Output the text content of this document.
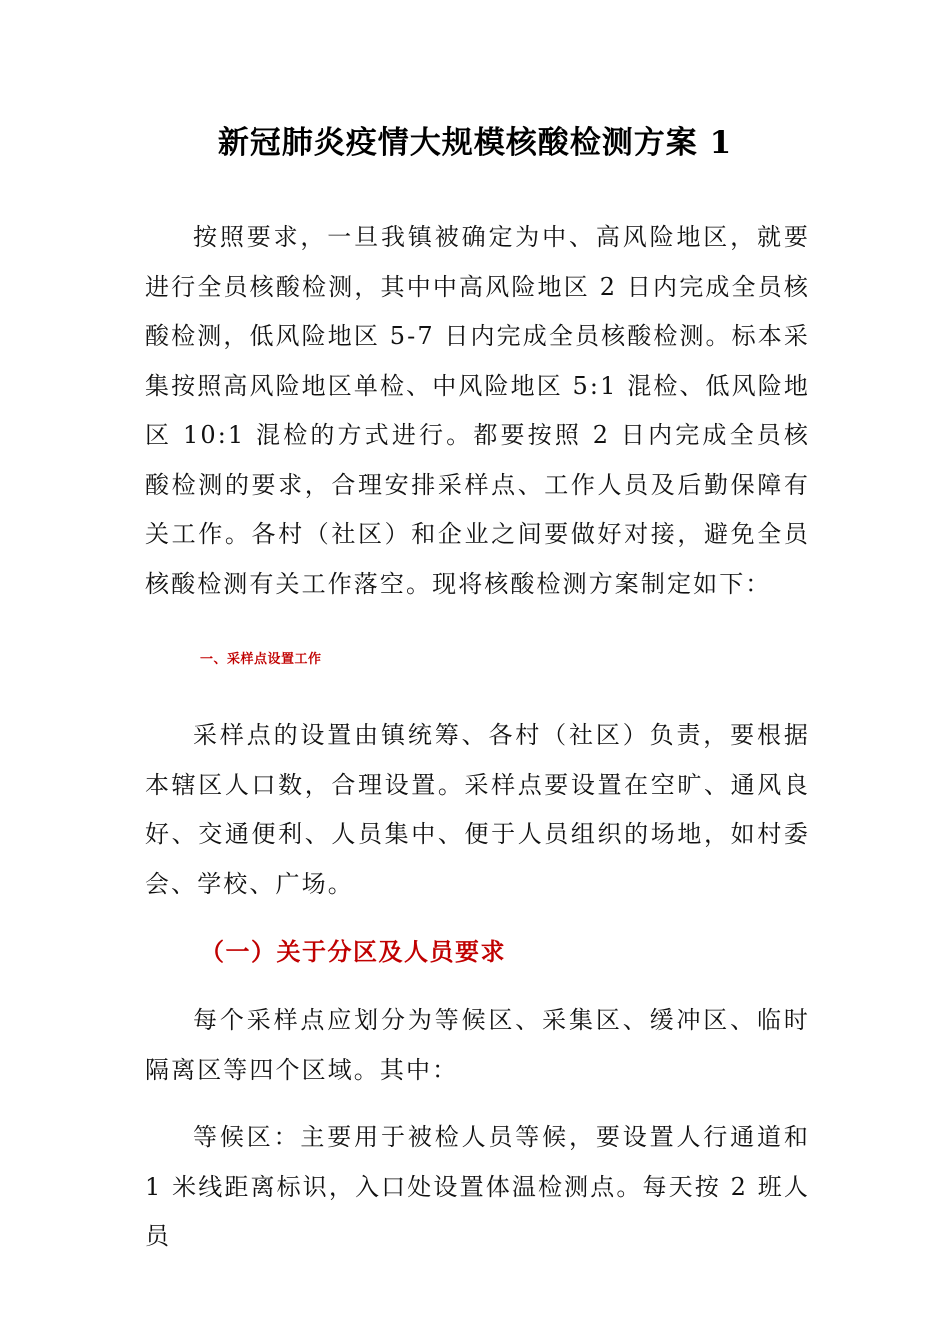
新冠肺炎疫情大规模核酸检测方案 1

按照要求，一旦我镇被确定为中、高风险地区，就要进行全员核酸检测，其中中高风险地区 2 日内完成全员核酸检测，低风险地区 5-7 日内完成全员核酸检测。标本采集按照高风险地区单检、中风险地区 5:1 混检、低风险地区 10:1 混检的方式进行。都要按照 2 日内完成全员核酸检测的要求，合理安排采样点、工作人员及后勤保障有关工作。各村（社区）和企业之间要做好对接，避免全员核酸检测有关工作落空。现将核酸检测方案制定如下：

一、采样点设置工作

采样点的设置由镇统筹、各村（社区）负责，要根据本辖区人口数，合理设置。采样点要设置在空旷、通风良好、交通便利、人员集中、便于人员组织的场地，如村委会、学校、广场。

（一）关于分区及人员要求

每个采样点应划分为等候区、采集区、缓冲区、临时隔离区等四个区域。其中：

等候区：主要用于被检人员等候，要设置人行通道和 1 米线距离标识，入口处设置体温检测点。每天按 2 班人员
